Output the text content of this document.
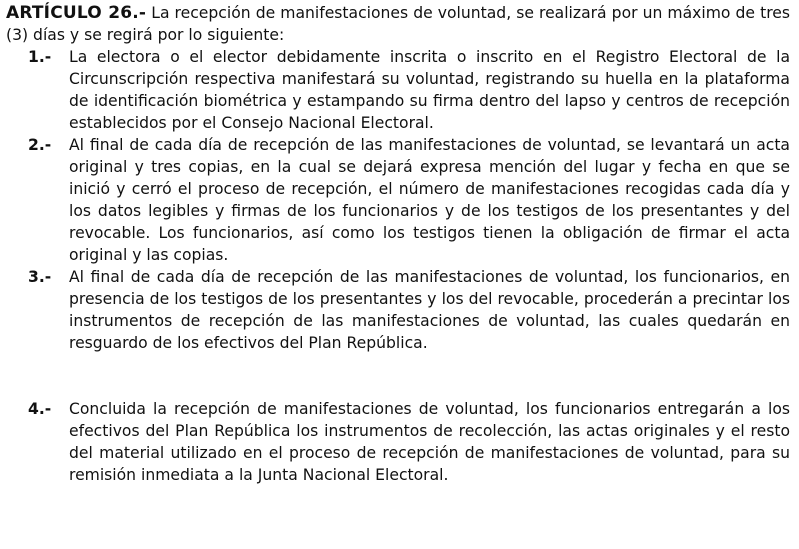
ARTÍCULO 26.- La recepción de manifestaciones de voluntad, se realizará por un máximo de tres (3) días y se regirá por lo siguiente:

1.- La electora o el elector debidamente inscrita o inscrito en el Registro Electoral de la Circunscripción respectiva manifestará su voluntad, registrando su huella en la plataforma de identificación biométrica y estampando su firma dentro del lapso y centros de recepción establecidos por el Consejo Nacional Electoral.
2.- Al final de cada día de recepción de las manifestaciones de voluntad, se levantará un acta original y tres copias, en la cual se dejará expresa mención del lugar y fecha en que se inició y cerró el proceso de recepción, el número de manifestaciones recogidas cada día y los datos legibles y firmas de los funcionarios y de los testigos de los presentantes y del revocable. Los funcionarios, así como los testigos tienen la obligación de firmar el acta original y las copias.
3.- Al final de cada día de recepción de las manifestaciones de voluntad, los funcionarios, en presencia de los testigos de los presentantes y los del revocable, procederán a precintar los instrumentos de recepción de las manifestaciones de voluntad, las cuales quedarán en resguardo de los efectivos del Plan República.
4.- Concluida la recepción de manifestaciones de voluntad, los funcionarios entregarán a los efectivos del Plan República los instrumentos de recolección, las actas originales y el resto del material utilizado en el proceso de recepción de manifestaciones de voluntad, para su remisión inmediata a la Junta Nacional Electoral.
